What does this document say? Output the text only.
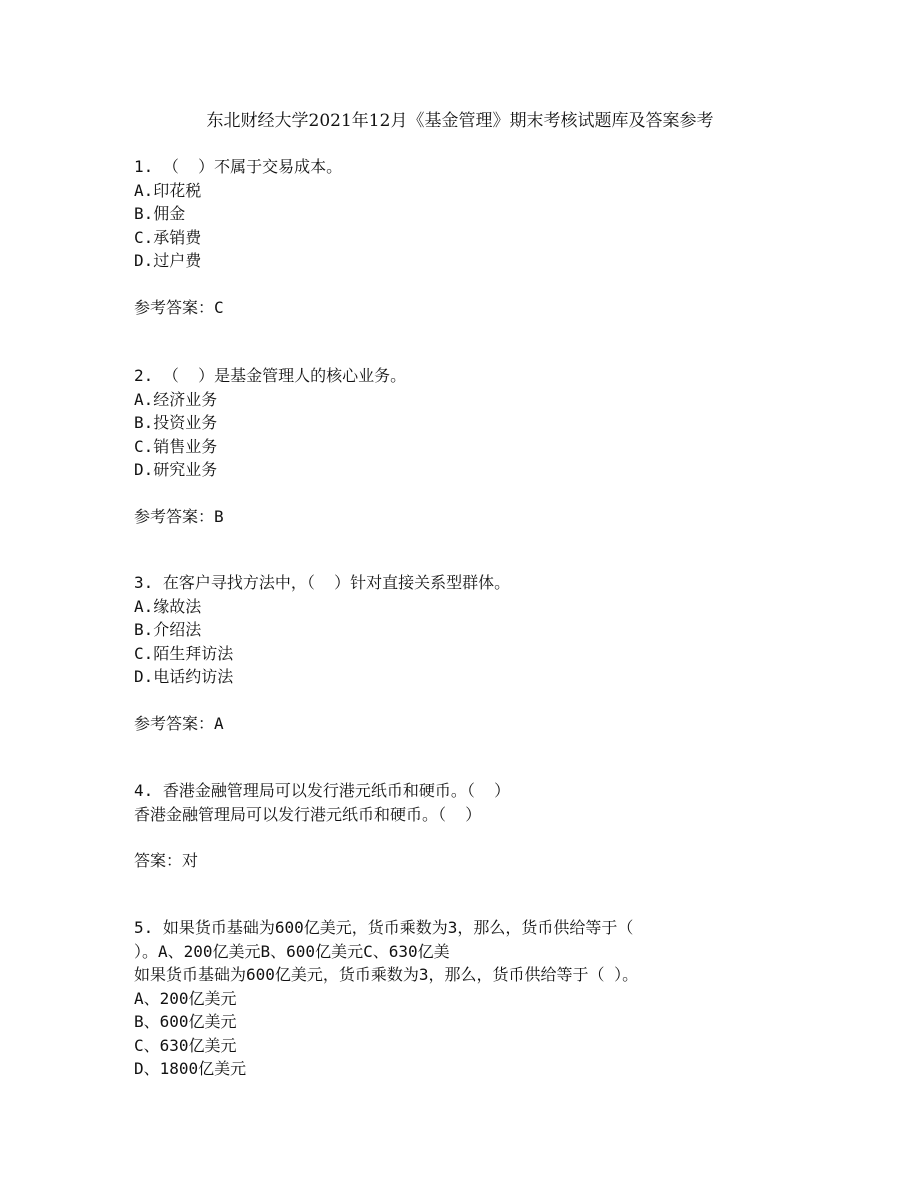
东北财经大学2021年12月《基金管理》期末考核试题库及答案参考
1. （  ）不属于交易成本。
A.印花税
B.佣金
C.承销费
D.过户费
参考答案：C
2. （  ）是基金管理人的核心业务。
A.经济业务
B.投资业务
C.销售业务
D.研究业务
参考答案：B
3. 在客户寻找方法中，（  ）针对直接关系型群体。
A.缘故法
B.介绍法
C.陌生拜访法
D.电话约访法
参考答案：A
4. 香港金融管理局可以发行港元纸币和硬币。（  ）
香港金融管理局可以发行港元纸币和硬币。（  ）
答案：对
5. 如果货币基础为600亿美元，货币乘数为3，那么，货币供给等于（
）。A、200亿美元B、600亿美元C、630亿美
如果货币基础为600亿美元，货币乘数为3，那么，货币供给等于（ ）。
A、200亿美元
B、600亿美元
C、630亿美元
D、1800亿美元
